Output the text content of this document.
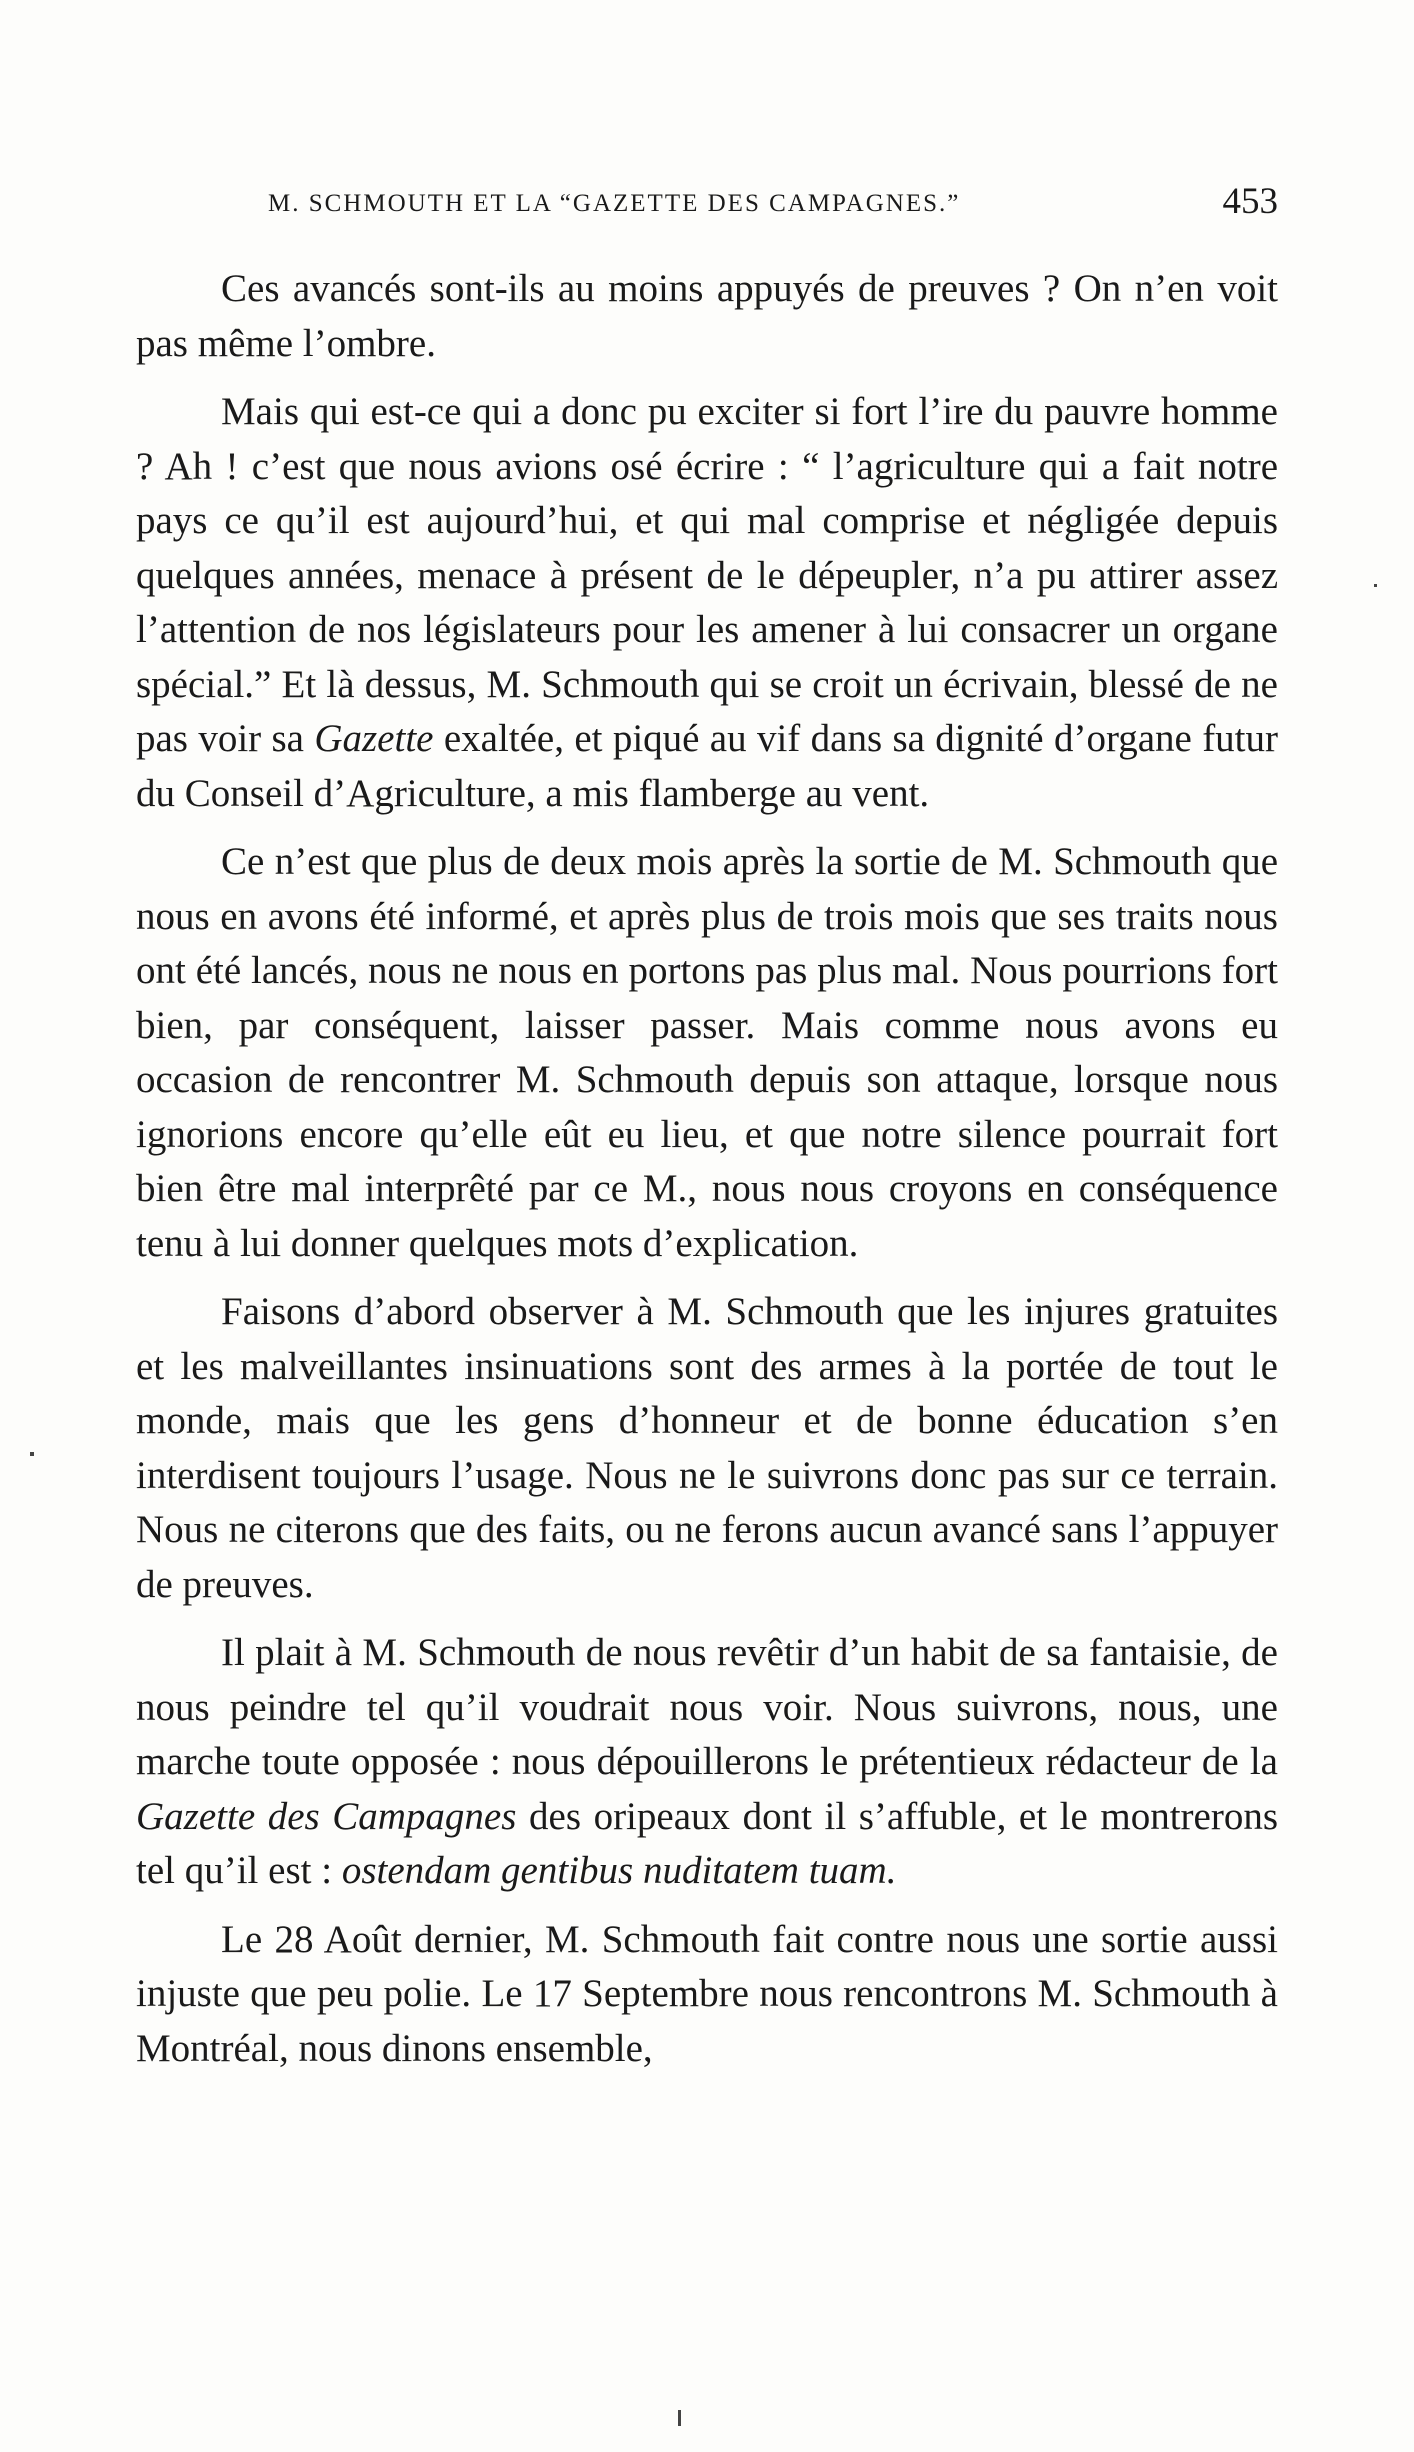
M. SCHMOUTH ET LA “GAZETTE DES CAMPAGNES.”	453

Ces avancés sont-ils au moins appuyés de preuves ? On n’en voit pas même l’ombre.

Mais qui est-ce qui a donc pu exciter si fort l’ire du pauvre homme ? Ah ! c’est que nous avions osé écrire : “ l’agriculture qui a fait notre pays ce qu’il est aujourd’hui, et qui mal comprise et négligée depuis quelques années, menace à présent de le dépeupler, n’a pu attirer assez l’attention de nos législateurs pour les amener à lui consacrer un organe spécial.” Et là dessus, M. Schmouth qui se croit un écrivain, blessé de ne pas voir sa Gazette exaltée, et piqué au vif dans sa dignité d’organe futur du Conseil d’Agriculture, a mis flamberge au vent.

Ce n’est que plus de deux mois après la sortie de M. Schmouth que nous en avons été informé, et après plus de trois mois que ses traits nous ont été lancés, nous ne nous en portons pas plus mal. Nous pourrions fort bien, par conséquent, laisser passer. Mais comme nous avons eu occasion de rencontrer M. Schmouth depuis son attaque, lorsque nous ignorions encore qu’elle eût eu lieu, et que notre silence pourrait fort bien être mal interprêté par ce M., nous nous croyons en conséquence tenu à lui donner quelques mots d’explication.

Faisons d’abord observer à M. Schmouth que les injures gratuites et les malveillantes insinuations sont des armes à la portée de tout le monde, mais que les gens d’honneur et de bonne éducation s’en interdisent toujours l’usage. Nous ne le suivrons donc pas sur ce terrain. Nous ne citerons que des faits, ou ne ferons aucun avancé sans l’appuyer de preuves.

Il plait à M. Schmouth de nous revêtir d’un habit de sa fantaisie, de nous peindre tel qu’il voudrait nous voir. Nous suivrons, nous, une marche toute opposée : nous dépouillerons le prétentieux rédacteur de la Gazette des Campagnes des oripeaux dont il s’affuble, et le montrerons tel qu’il est : ostendam gentibus nuditatem tuam.

Le 28 Août dernier, M. Schmouth fait contre nous une sortie aussi injuste que peu polie. Le 17 Septembre nous rencontrons M. Schmouth à Montréal, nous dinons ensemble,
